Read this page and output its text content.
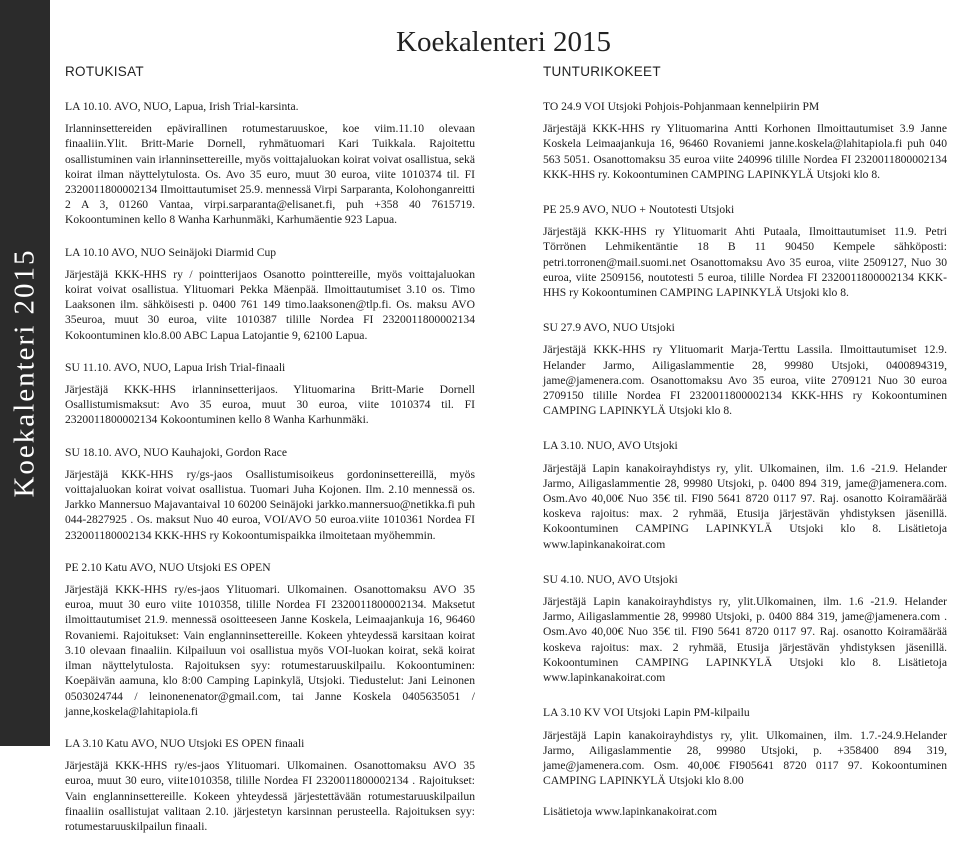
Koekalenteri 2015
Koekalenteri 2015
ROTUKISAT	TUNTURIKOKEET

LA 10.10. AVO, NUO, Lapua, Irish Trial-karsinta.

Irlanninsettereiden epävirallinen rotumestaruuskoe, koe viim.11.10 olevaan finaaliin.Ylit. Britt-Marie Dornell, ryhmätuomari Kari Tuikkala. Rajoitettu osallistuminen vain irlanninsettereille, myös voittajaluokan koirat voivat osallistua, sekä koirat ilman näyttelytulosta. Os. Avo 35 euro, muut 30 euroa, viite 1010374 til. FI 2320011800002134 Ilmoittautumiset 25.9. mennessä Virpi Sarparanta, Kolohonganreitti 2 A 3, 01260 Vantaa, virpi.sarparanta@elisanet.fi, puh +358 40 7615719. Kokoontuminen kello 8 Wanha Karhunmäki, Karhumäentie 923 Lapua.

LA 10.10 AVO, NUO Seinäjoki Diarmid Cup

Järjestäjä KKK-HHS ry / pointterijaos Osanotto pointtereille, myös voittajaluokan koirat voivat osallistua. Ylituomari Pekka Mäenpää. Ilmoittautumiset 3.10 os. Timo Laaksonen ilm. sähköisesti p. 0400 761 149 timo.laaksonen@tlp.fi. Os. maksu AVO 35euroa, muut 30 euroa, viite 1010387 tilille Nordea FI 2320011800002134 Kokoontuminen klo.8.00 ABC Lapua Latojantie 9, 62100 Lapua.

SU 11.10. AVO, NUO, Lapua Irish Trial-finaali

Järjestäjä KKK-HHS irlanninsetterijaos. Ylituomarina Britt-Marie Dornell Osallistumismaksut: Avo 35 euroa, muut 30 euroa, viite 1010374 til. FI 2320011800002134 Kokoontuminen kello 8 Wanha Karhunmäki.

SU 18.10. AVO, NUO Kauhajoki, Gordon Race

Järjestäjä KKK-HHS ry/gs-jaos Osallistumisoikeus gordoninsettereillä, myös voittajaluokan koirat voivat osallistua. Tuomari Juha Kojonen. Ilm. 2.10 mennessä os. Jarkko Mannersuo Majavantaival 10 60200 Seinäjoki jarkko.mannersuo@netikka.fi puh 044-2827925 . Os. maksut Nuo 40 euroa, VOI/AVO 50 euroa.viite 1010361 Nordea FI 232001180002134 KKK-HHS ry Kokoontumispaikka ilmoitetaan myöhemmin.

PE 2.10 Katu AVO, NUO Utsjoki ES OPEN

Järjestäjä KKK-HHS ry/es-jaos Ylituomari. Ulkomainen. Osanottomaksu AVO 35 euroa, muut 30 euro viite 1010358, tilille Nordea FI 2320011800002134. Maksetut ilmoittautumiset 21.9. mennessä osoitteeseen Janne Koskela, Leimaajankuja 16, 96460 Rovaniemi. Rajoitukset: Vain englanninsettereille. Kokeen yhteydessä karsitaan koirat 3.10 olevaan finaaliin. Kilpailuun voi osallistua myös VOI-luokan koirat, sekä koirat ilman näyttelytulosta. Rajoituksen syy: rotumestaruuskilpailu. Kokoontuminen: Koepäivän aamuna, klo 8:00 Camping Lapinkylä, Utsjoki. Tiedustelut: Jani Leinonen 0503024744 / leinonenenator@gmail.com, tai Janne Koskela 0405635051 / janne,koskela@lahitapiola.fi

LA 3.10 Katu AVO, NUO Utsjoki ES OPEN finaali

Järjestäjä KKK-HHS ry/es-jaos Ylituomari. Ulkomainen. Osanottomaksu AVO 35 euroa, muut 30 euro, viite1010358, tilille Nordea FI 2320011800002134 . Rajoitukset: Vain englanninsettereille. Kokeen yhteydessä järjestettävään rotumestaruuskilpailun finaaliin osallistujat valitaan 2.10. järjestetyn karsinnan perusteella. Rajoituksen syy: rotumestaruuskilpailun finaali.

TO 24.9 VOI Utsjoki Pohjois-Pohjanmaan kennelpiirin PM

Järjestäjä KKK-HHS ry Ylituomarina Antti Korhonen Ilmoittautumiset 3.9 Janne Koskela Leimaajankuja 16, 96460 Rovaniemi janne.koskela@lahitapiola.fi puh 040 563 5051. Osanottomaksu 35 euroa viite 240996 tilille Nordea FI 2320011800002134 KKK-HHS ry. Kokoontuminen CAMPING LAPINKYLÄ Utsjoki klo 8.

PE 25.9 AVO, NUO + Noutotesti Utsjoki

Järjestäjä KKK-HHS ry Ylituomarit Ahti Putaala, Ilmoittautumiset 11.9. Petri Törrönen Lehmikentäntie 18 B 11 90450 Kempele sähköposti: petri.torronen@mail.suomi.net Osanottomaksu Avo 35 euroa, viite 2509127, Nuo 30 euroa, viite 2509156, noutotesti 5 euroa, tilille Nordea FI 2320011800002134 KKK-HHS ry Kokoontuminen CAMPING LAPINKYLÄ Utsjoki klo 8.

SU 27.9 AVO, NUO Utsjoki

Järjestäjä KKK-HHS ry Ylituomarit Marja-Terttu Lassila. Ilmoittautumiset 12.9. Helander Jarmo, Ailigaslammentie 28, 99980 Utsjoki, 0400894319, jame@jamenera.com. Osanottomaksu Avo 35 euroa, viite 2709121 Nuo 30 euroa 2709150 tilille Nordea FI 2320011800002134 KKK-HHS ry Kokoontuminen CAMPING LAPINKYLÄ Utsjoki klo 8.

LA 3.10. NUO, AVO Utsjoki

Järjestäjä Lapin kanakoirayhdistys ry, ylit. Ulkomainen, ilm. 1.6 -21.9. Helander Jarmo, Ailigaslammentie 28, 99980 Utsjoki, p. 0400 894 319, jame@jamenera.com. Osm.Avo 40,00€ Nuo 35€ til. FI90 5641 8720 0117 97. Raj. osanotto Koiramäärää koskeva rajoitus: max. 2 ryhmää, Etusija järjestävän yhdistyksen jäsenillä. Kokoontuminen CAMPING LAPINKYLÄ Utsjoki klo 8. Lisätietoja www.lapinkanakoirat.com

SU 4.10. NUO, AVO Utsjoki

Järjestäjä Lapin kanakoirayhdistys ry, ylit.Ulkomainen, ilm. 1.6 -21.9. Helander Jarmo, Ailigaslammentie 28, 99980 Utsjoki, p. 0400 884 319, jame@jamenera.com . Osm.Avo 40,00€ Nuo 35€ til. FI90 5641 8720 0117 97. Raj. osanotto Koiramäärää koskeva rajoitus: max. 2 ryhmää, Etusija järjestävän yhdistyksen jäsenillä. Kokoontuminen CAMPING LAPINKYLÄ Utsjoki klo 8. Lisätietoja www.lapinkanakoirat.com

LA 3.10 KV VOI Utsjoki Lapin PM-kilpailu

Järjestäjä Lapin kanakoirayhdistys ry, ylit. Ulkomainen, ilm. 1.7.-24.9.Helander Jarmo, Ailigaslammentie 28, 99980 Utsjoki, p. +358400 894 319, jame@jamenera.com. Osm. 40,00€ FI905641 8720 0117 97. Kokoontuminen CAMPING LAPINKYLÄ Utsjoki klo 8.00

Lisätietoja www.lapinkanakoirat.com
